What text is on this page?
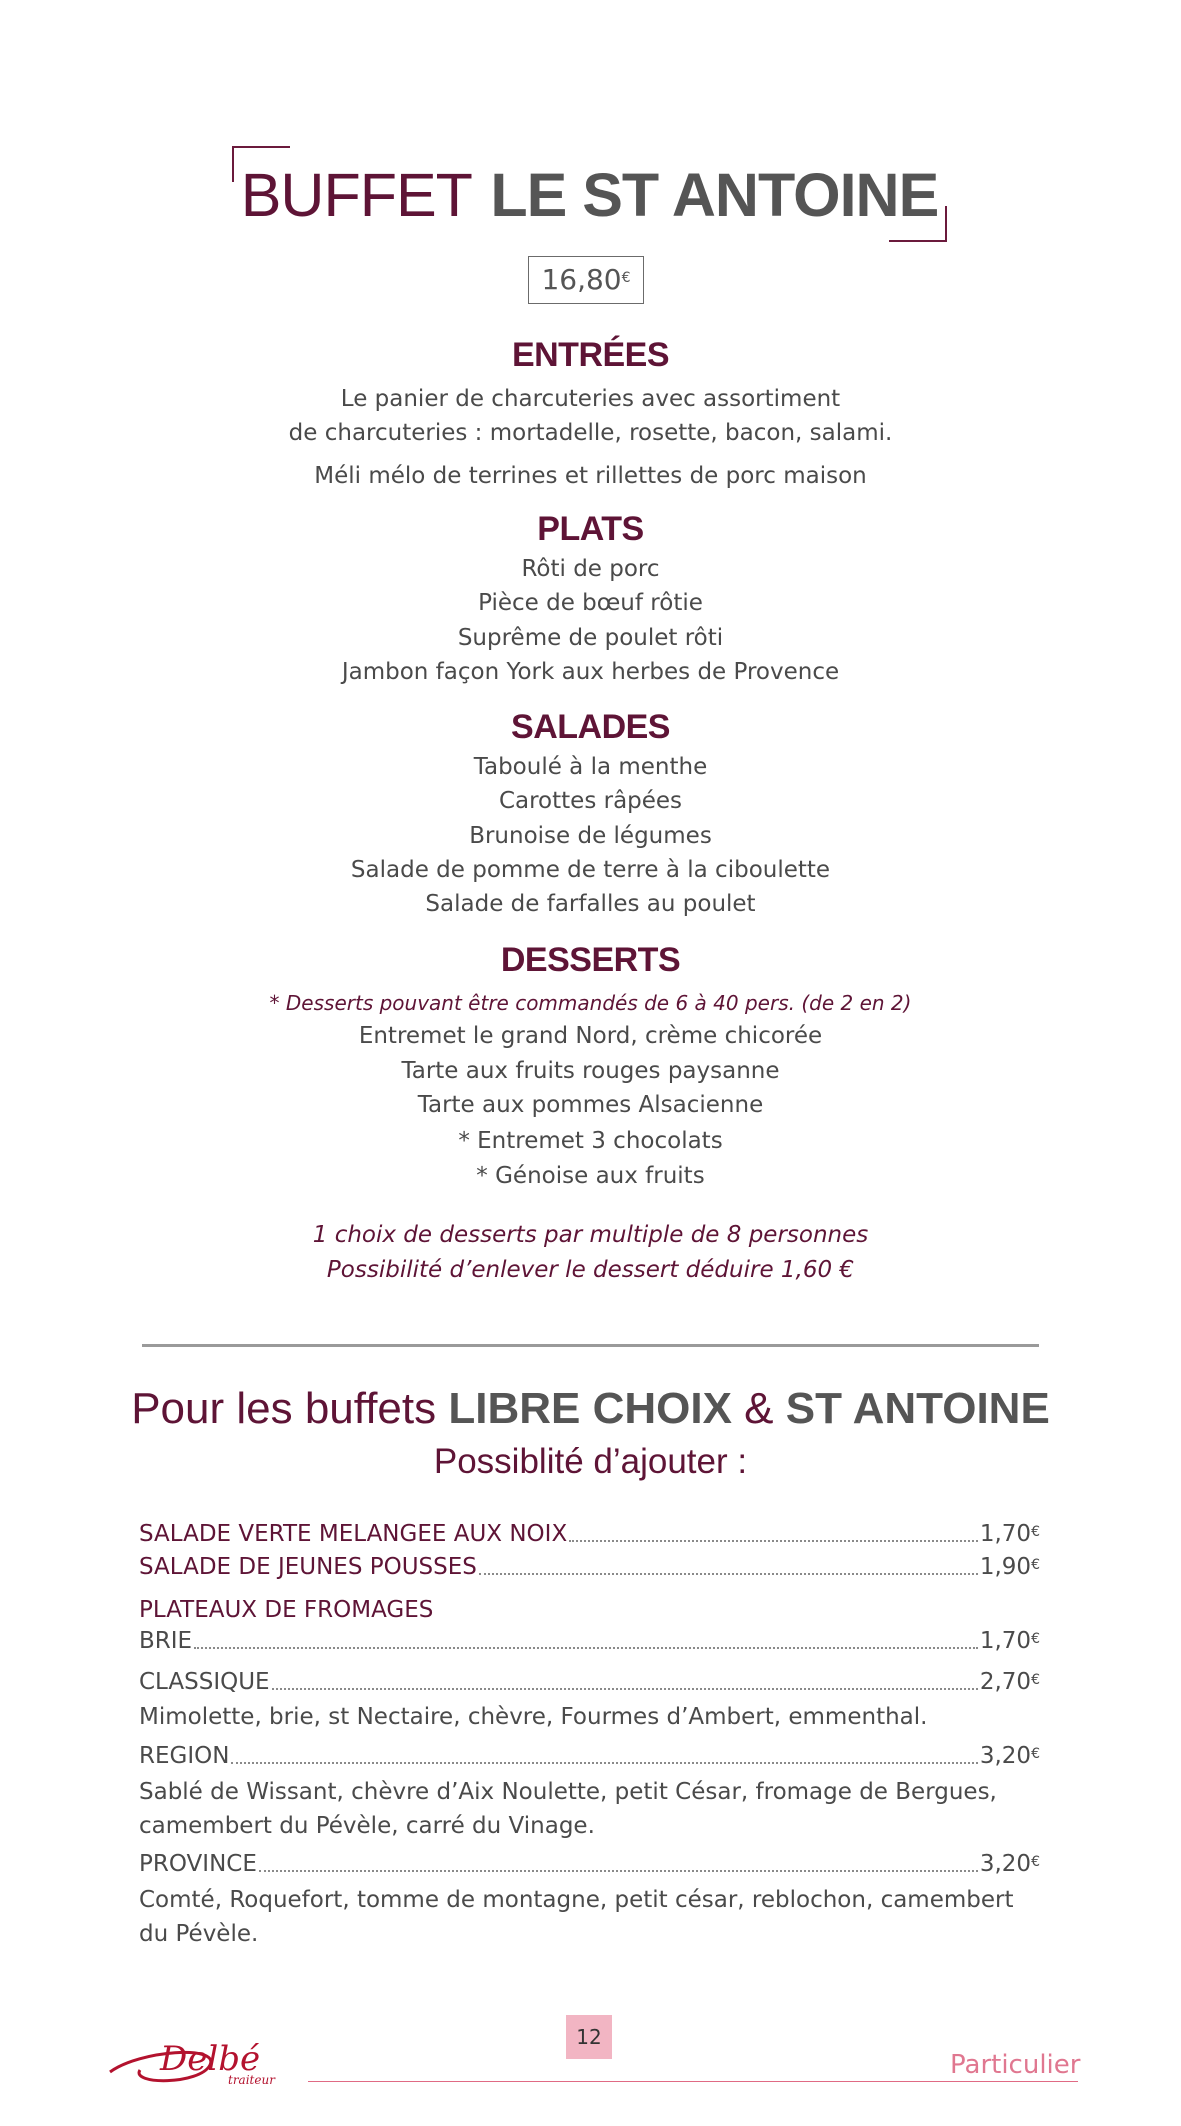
BUFFET LE ST ANTOINE
16,80€
ENTRÉES
Le panier de charcuteries avec assortiment
de charcuteries : mortadelle, rosette, bacon, salami.
Méli mélo de terrines et rillettes de porc maison
PLATS
Rôti de porc
Pièce de bœuf rôtie
Suprême de poulet rôti
Jambon façon York aux herbes de Provence
SALADES
Taboulé à la menthe
Carottes râpées
Brunoise de légumes
Salade de pomme de terre à la ciboulette
Salade de farfalles au poulet
DESSERTS
* Desserts pouvant être commandés de 6 à 40 pers. (de 2 en 2)
Entremet le grand Nord, crème chicorée
Tarte aux fruits rouges paysanne
Tarte aux pommes Alsacienne
* Entremet 3 chocolats
* Génoise aux fruits
1 choix de desserts par multiple de 8 personnes
Possibilité d’enlever le dessert déduire 1,60 €
Pour les buffets LIBRE CHOIX & ST ANTOINE
Possiblité d’ajouter :
SALADE VERTE MELANGEE AUX NOIX	1,70€
SALADE DE JEUNES POUSSES	1,90€
PLATEAUX DE FROMAGES
BRIE	1,70€
CLASSIQUE	2,70€
Mimolette, brie, st Nectaire, chèvre, Fourmes d’Ambert, emmenthal.
REGION	3,20€
Sablé de Wissant, chèvre d’Aix Noulette, petit César, fromage de Bergues, camembert du Pévèle, carré du Vinage.
PROVINCE	3,20€
Comté, Roquefort, tomme de montagne, petit césar, reblochon, camembert du Pévèle.
Delbé
traiteur
12
Particulier
